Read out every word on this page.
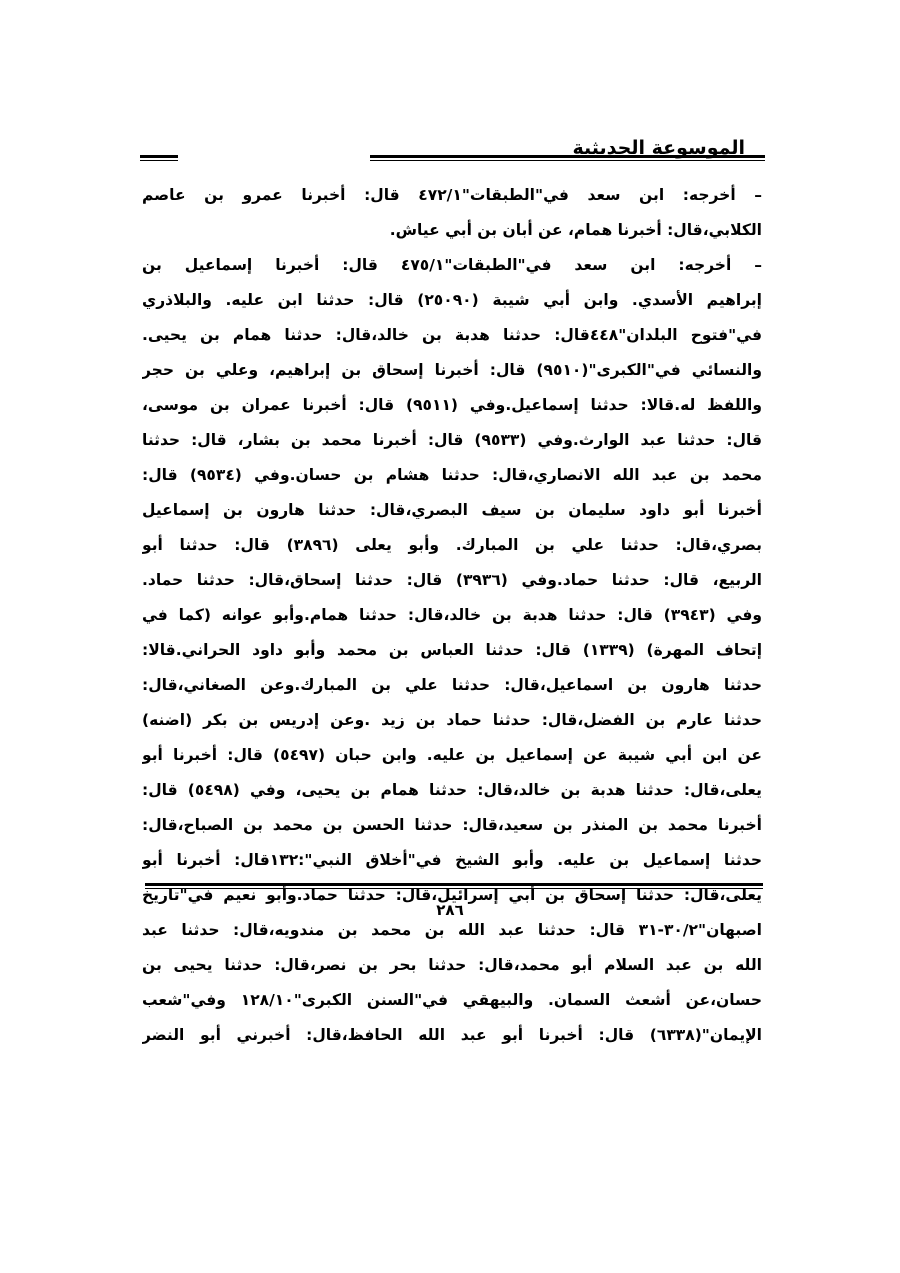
الموسوعة الحديثية
– أخرجه: ابن سعد في"الطبقات"٤٧٢/١ قال: أخبرنا عمرو بن عاصم
الكلابي،قال: أخبرنا همام، عن أبان بن أبي عياش.
– أخرجه: ابن سعد في"الطبقات"٤٧٥/١ قال: أخبرنا إسماعيل بن
إبراهيم الأسدي. وابن أبي شيبة (٢٥٠٩٠) قال: حدثنا ابن عليه. والبلاذري
في"فتوح البلدان"٤٤٨قال: حدثنا هدبة بن خالد،قال: حدثنا همام بن يحيى.
والنسائي في"الكبرى"(٩٥١٠) قال: أخبرنا إسحاق بن إبراهيم، وعلي بن حجر
واللفظ له.قالا: حدثنا إسماعيل.وفي (٩٥١١) قال: أخبرنا عمران بن موسى،
قال: حدثنا عبد الوارث.وفي (٩٥٣٣) قال: أخبرنا محمد بن بشار، قال: حدثنا
محمد بن عبد الله الانصاري،قال: حدثنا هشام بن حسان.وفي (٩٥٣٤) قال:
أخبرنا أبو داود سليمان بن سيف البصري،قال: حدثنا هارون بن إسماعيل
بصري،قال: حدثنا علي بن المبارك. وأبو يعلى (٣٨٩٦) قال: حدثنا أبو
الربيع، قال: حدثنا حماد.وفي (٣٩٣٦) قال: حدثنا إسحاق،قال: حدثنا حماد.
وفي (٣٩٤٣) قال: حدثنا هدبة بن خالد،قال: حدثنا همام.وأبو عوانه (كما في
إتحاف المهرة) (١٣٣٩) قال: حدثنا العباس بن محمد وأبو داود الحراني.قالا:
حدثنا هارون بن اسماعيل،قال: حدثنا علي بن المبارك.وعن الصغاني،قال:
حدثنا عارم بن الفضل،قال: حدثنا حماد بن زيد .وعن إدريس بن بكر (اضنه)
عن ابن أبي شيبة عن إسماعيل بن عليه. وابن حبان (٥٤٩٧) قال: أخبرنا أبو
يعلى،قال: حدثنا هدبة بن خالد،قال: حدثنا همام بن يحيى، وفي (٥٤٩٨) قال:
أخبرنا محمد بن المنذر بن سعيد،قال: حدثنا الحسن بن محمد بن الصباح،قال:
حدثنا إسماعيل بن عليه. وأبو الشيخ في"أخلاق النبي":١٣٢قال: أخبرنا أبو
يعلى،قال: حدثنا إسحاق بن أبي إسرائيل،قال: حدثنا حماد.وأبو نعيم في"تاريخ
اصبهان"٣٠/٢-٣١ قال: حدثنا عبد الله بن محمد بن مندويه،قال: حدثنا عبد
الله بن عبد السلام أبو محمد،قال: حدثنا بحر بن نصر،قال: حدثنا يحيى بن
حسان،عن أشعث السمان. والبيهقي في"السنن الكبرى"١٢٨/١٠ وفي"شعب
الإيمان"(٦٣٣٨) قال: أخبرنا أبو عبد الله الحافظ،قال: أخبرني أبو النضر
٢٨٦
